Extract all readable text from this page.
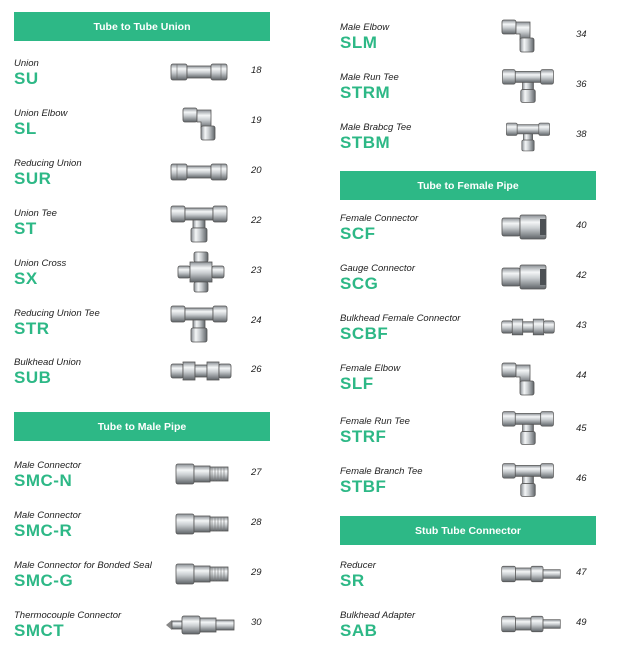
Tube to Tube Union
Union
SU	18
Union Elbow
SL	19
Reducing Union
SUR	20
Union Tee
ST	22
Union Cross
SX	23
Reducing Union Tee
STR	24
Bulkhead Union
SUB	26
Tube to Male Pipe
Male Connector
SMC-N	27
Male Connector
SMC-R	28
Male Connector for Bonded Seal
SMC-G	29
Thermocouple Connector
SMCT	30
Male Elbow
SLM	34
Male Run Tee
STRM	36
Male Brabcg Tee
STBM	38
Tube to Female Pipe
Female Connector
SCF	40
Gauge Connector
SCG	42
Bulkhead Female Connector
SCBF	43
Female Elbow
SLF	44
Female Run Tee
STRF	45
Female Branch Tee
STBF	46
Stub Tube Connector
Reducer
SR	47
Bulkhead Adapter
SAB	49
